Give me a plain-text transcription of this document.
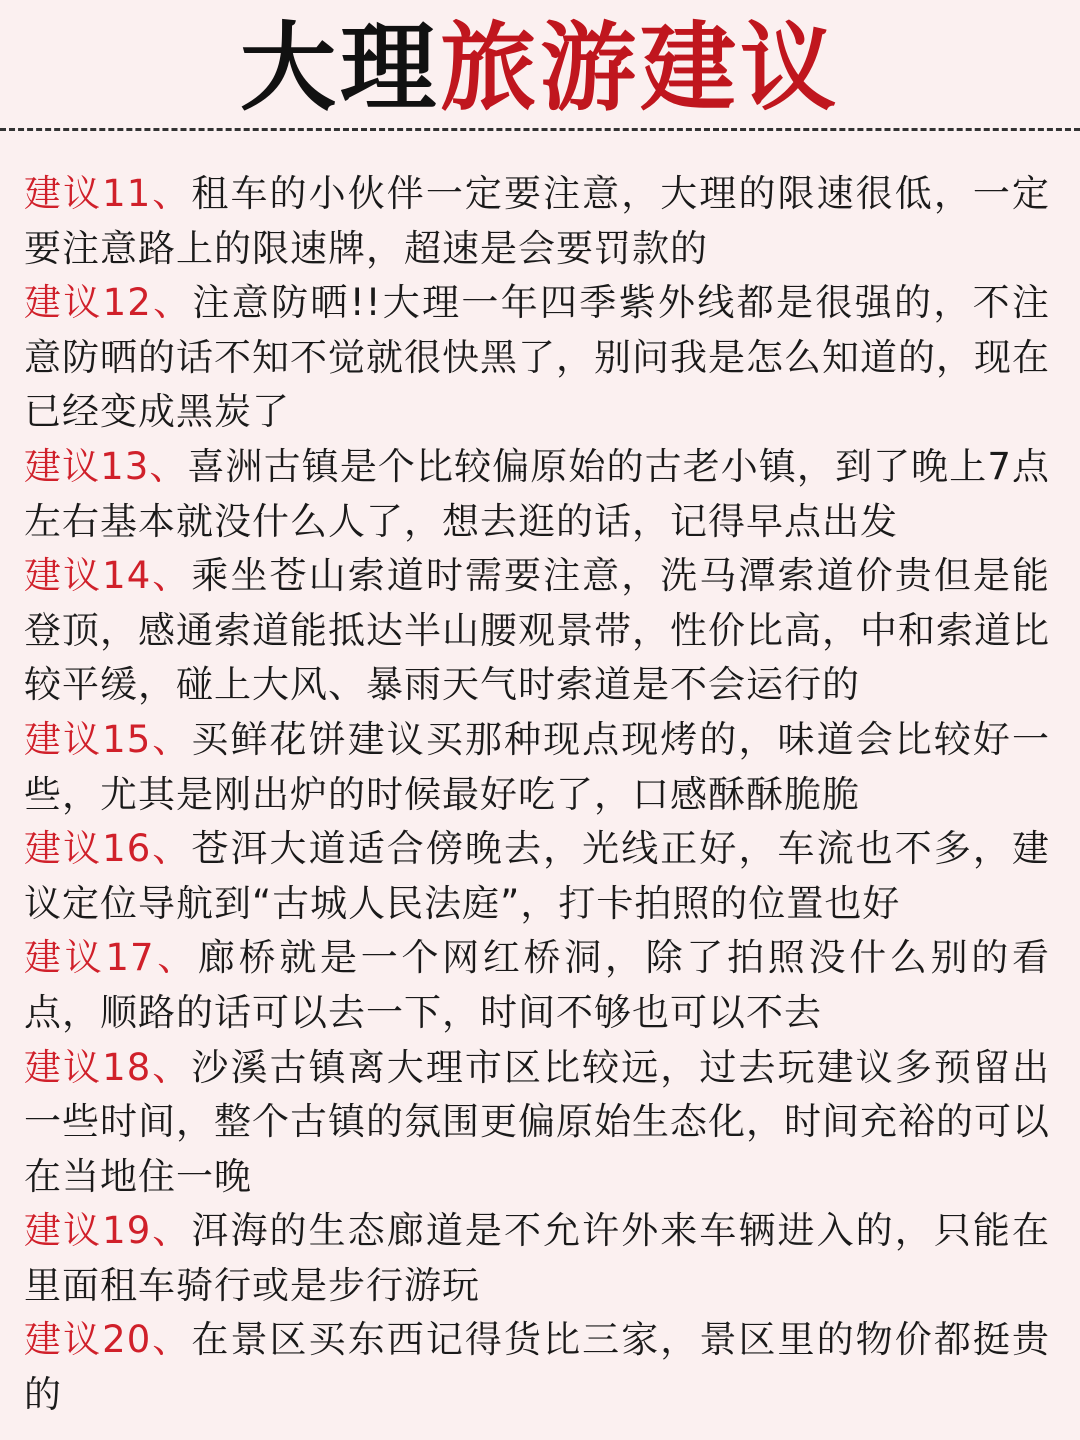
大理旅游建议
建议11、租车的小伙伴一定要注意，大理的限速很低，一定要注意路上的限速牌，超速是会要罚款的
建议12、注意防晒!!大理一年四季紫外线都是很强的，不注意防晒的话不知不觉就很快黑了，别问我是怎么知道的，现在已经变成黑炭了
建议13、喜洲古镇是个比较偏原始的古老小镇，到了晚上7点左右基本就没什么人了，想去逛的话，记得早点出发
建议14、乘坐苍山索道时需要注意，洗马潭索道价贵但是能登顶，感通索道能抵达半山腰观景带，性价比高，中和索道比较平缓，碰上大风、暴雨天气时索道是不会运行的
建议15、买鲜花饼建议买那种现点现烤的，味道会比较好一些，尤其是刚出炉的时候最好吃了，口感酥酥脆脆
建议16、苍洱大道适合傍晚去，光线正好，车流也不多，建议定位导航到“古城人民法庭”，打卡拍照的位置也好
建议17、廊桥就是一个网红桥洞，除了拍照没什么别的看点，顺路的话可以去一下，时间不够也可以不去
建议18、沙溪古镇离大理市区比较远，过去玩建议多预留出一些时间，整个古镇的氛围更偏原始生态化，时间充裕的可以在当地住一晚
建议19、洱海的生态廊道是不允许外来车辆进入的，只能在里面租车骑行或是步行游玩
建议20、在景区买东西记得货比三家，景区里的物价都挺贵的
